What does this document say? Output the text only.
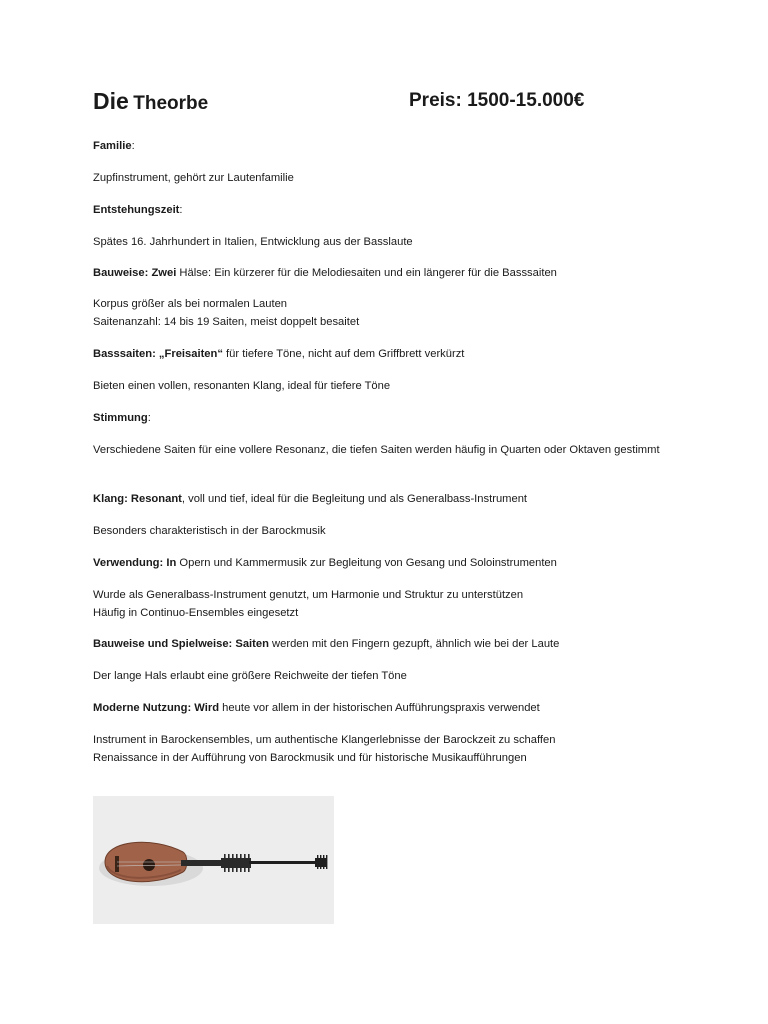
Die Theorbe	Preis: 1500-15.000€
Familie:
Zupfinstrument, gehört zur Lautenfamilie
Entstehungszeit:
Spätes 16. Jahrhundert in Italien, Entwicklung aus der Basslaute
Bauweise: Zwei Hälse: Ein kürzerer für die Melodiesaiten und ein längerer für die Basssaiten
Korpus größer als bei normalen Lauten
Saitenanzahl: 14 bis 19 Saiten, meist doppelt besaitet
Basssaiten: „Freisaiten“ für tiefere Töne, nicht auf dem Griffbrett verkürzt
Bieten einen vollen, resonanten Klang, ideal für tiefere Töne
Stimmung:
Verschiedene Saiten für eine vollere Resonanz, die tiefen Saiten werden häufig in Quarten oder Oktaven gestimmt
Klang: Resonant, voll und tief, ideal für die Begleitung und als Generalbass-Instrument
Besonders charakteristisch in der Barockmusik
Verwendung: In Opern und Kammermusik zur Begleitung von Gesang und Soloinstrumenten
Wurde als Generalbass-Instrument genutzt, um Harmonie und Struktur zu unterstützen
Häufig in Continuo-Ensembles eingesetzt
Bauweise und Spielweise: Saiten werden mit den Fingern gezupft, ähnlich wie bei der Laute
Der lange Hals erlaubt eine größere Reichweite der tiefen Töne
Moderne Nutzung: Wird heute vor allem in der historischen Aufführungspraxis verwendet
Instrument in Barockensembles, um authentische Klangerlebnisse der Barockzeit zu schaffen
Renaissance in der Aufführung von Barockmusik und für historische Musikaufführungen
